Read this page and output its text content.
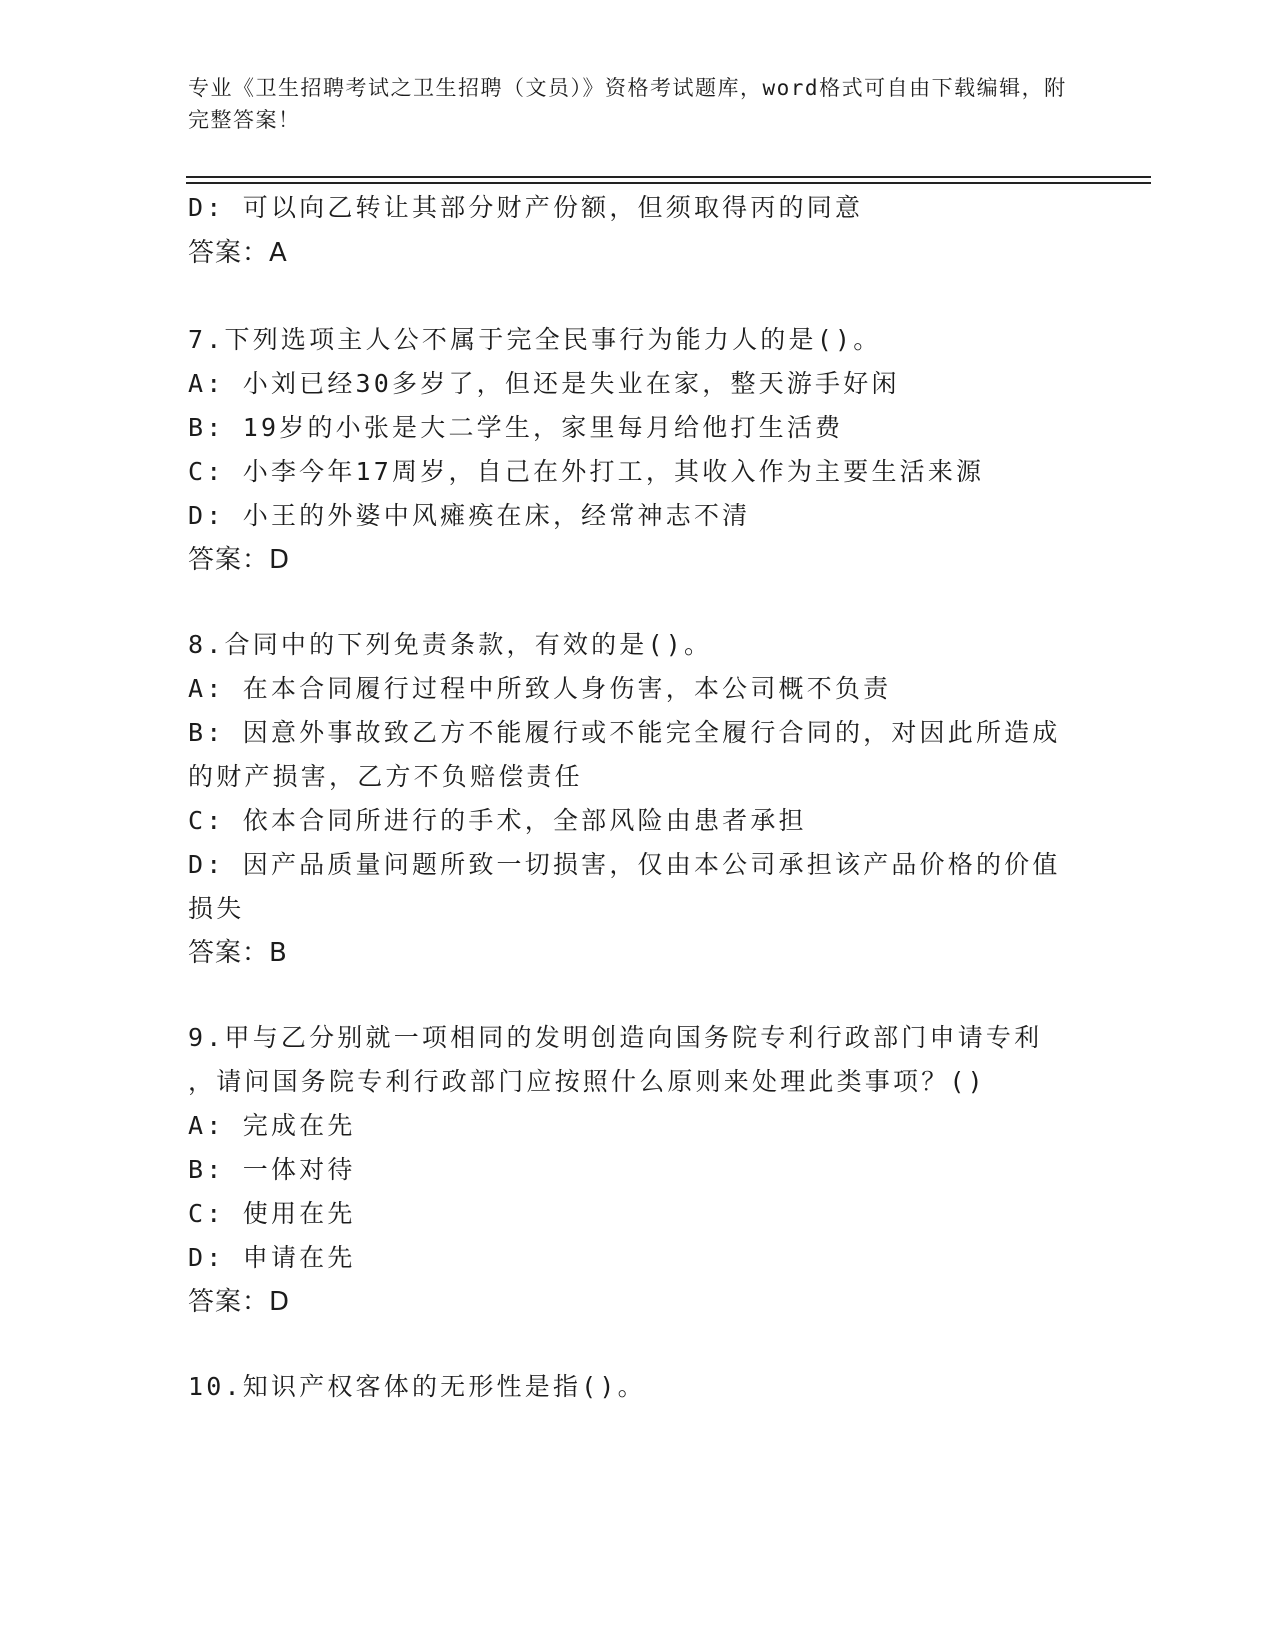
专业《卫生招聘考试之卫生招聘（文员）》资格考试题库，word格式可自由下载编辑，附完整答案！
D: 可以向乙转让其部分财产份额，但须取得丙的同意
答案：A
7.下列选项主人公不属于完全民事行为能力人的是()。
A: 小刘已经30多岁了，但还是失业在家，整天游手好闲
B: 19岁的小张是大二学生，家里每月给他打生活费
C: 小李今年17周岁，自己在外打工，其收入作为主要生活来源
D: 小王的外婆中风瘫痪在床，经常神志不清
答案：D
8.合同中的下列免责条款，有效的是()。
A: 在本合同履行过程中所致人身伤害，本公司概不负责
B: 因意外事故致乙方不能履行或不能完全履行合同的，对因此所造成
的财产损害，乙方不负赔偿责任
C: 依本合同所进行的手术，全部风险由患者承担
D: 因产品质量问题所致一切损害，仅由本公司承担该产品价格的价值
损失
答案：B
9.甲与乙分别就一项相同的发明创造向国务院专利行政部门申请专利
，请问国务院专利行政部门应按照什么原则来处理此类事项？()
A: 完成在先
B: 一体对待
C: 使用在先
D: 申请在先
答案：D
10.知识产权客体的无形性是指()。
